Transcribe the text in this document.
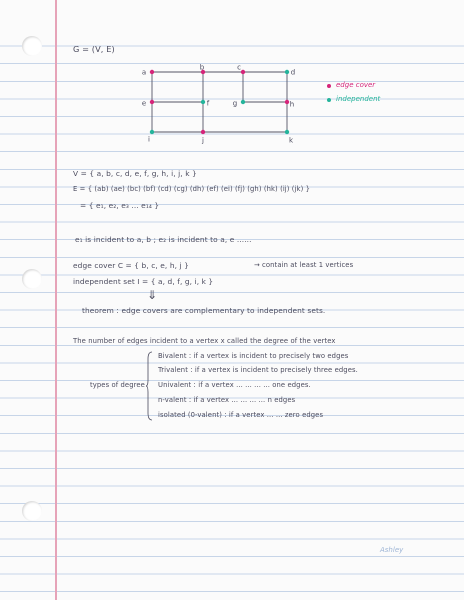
G = (V, E)
a
b	c
d
e	f	g	h
i	j	k
edge cover
independent
V = { a, b, c, d, e, f, g, h, i, j, k }
E = { (ab) (ae) (bc) (bf) (cd) (cg) (dh) (ef) (ei) (fj) (gh) (hk) (ij) (jk) }
= { e₁, e₂, e₃ ... e₁₄ }
e₁ is incident to a, b ; e₂ is incident to a, e ......
edge cover C = { b, c, e, h, j }	→ contain at least 1 vertices
independent set I = { a, d, f, g, i, k }
⇓
theorem : edge covers are complementary to independent sets.
The number of edges incident to a vertex x called the degree of the vertex
types of degree
Bivalent : if a vertex is incident to precisely two edges
Trivalent : if a vertex is incident to precisely three edges.
Univalent : if a vertex ... ... ... ... one edges.
n-valent : if a vertex ... ... ... ... n edges
isolated (0-valent) : if a vertex ... ... zero edges
Ashley
